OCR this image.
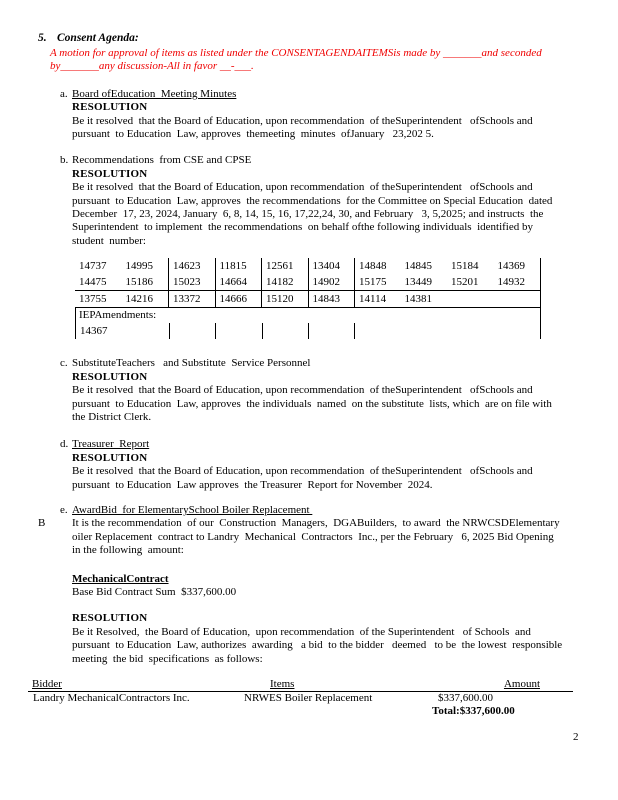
5. Consent Agenda:
A motion for approval of items as listed under the CONSENTAGENDAITEMSis made by _______and seconded
by_______any discussion-All in favor __-___.
a. Board ofEducation  Meeting Minutes
RESOLUTION
Be it resolved  that the Board of Education, upon recommendation  of theSuperintendent   ofSchools and
pursuant  to Education  Law, approves  themeeting  minutes  ofJanuary   23,202 5.
b. Recommendations  from CSE and CPSE
RESOLUTION
Be it resolved  that the Board of Education, upon recommendation  of theSuperintendent   ofSchools and
pursuant  to Education  Law, approves  the recommendations  for the Committee on Special Education  dated
December  17, 23, 2024, January  6, 8, 14, 15, 16, 17,22,24, 30, and February   3, 5,2025; and instructs  the
Superintendent  to implement  the recommendations  on behalf ofthe following individuals  identified by
student  number:
14737	14995	14623	11815	12561	13404	14848	14845	15184	14369
14475	15186	15023	14664	14182	14902	15175	13449	15201	14932
13755	14216	13372	14666	15120	14843	14114	14381
IEPAmendments:
14367
c. SubstituteTeachers   and Substitute  Service Personnel
RESOLUTION
Be it resolved  that the Board of Education, upon recommendation  of theSuperintendent   ofSchools and
pursuant  to Education  Law, approves  the individuals  named  on the substitute  lists, which  are on file with
the District Clerk.
d. Treasurer  Report
RESOLUTION
Be it resolved  that the Board of Education, upon recommendation  of theSuperintendent   ofSchools and
pursuant  to Education  Law approves  the Treasurer  Report for November  2024.
e.
B
AwardBid  for ElementarySchool Boiler Replacement
It is the recommendation  of our  Construction  Managers,  DGABuilders,  to award  the NRWCSDElementary
oiler Replacement  contract to Landry  Mechanical  Contractors  Inc., per the February   6, 2025 Bid Opening
in the following  amount:
MechanicalContract
Base Bid Contract Sum  $337,600.00
RESOLUTION
Be it Resolved,  the Board of Education,  upon recommendation  of the Superintendent   of Schools  and
pursuant  to Education  Law, authorizes  awarding   a bid  to the bidder   deemed   to be  the lowest  responsible
meeting  the bid  specifications  as follows:
Bidder	Items	Amount
Landry MechanicalContractors Inc.	NRWES Boiler Replacement	$337,600.00
Total:$337,600.00
2
